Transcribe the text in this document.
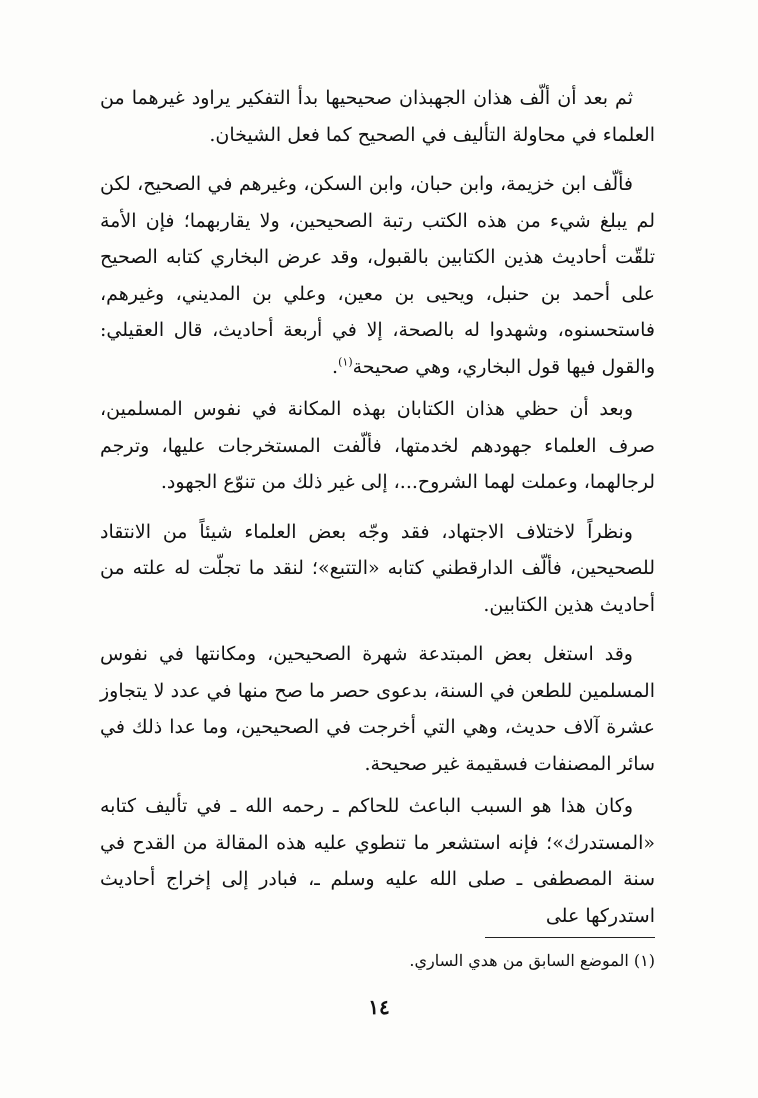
ثم بعد أن ألّف هذان الجهبذان صحيحيها بدأ التفكير يراود غيرهما من العلماء في محاولة التأليف في الصحيح كما فعل الشيخان.

فألّف ابن خزيمة، وابن حبان، وابن السكن، وغيرهم في الصحيح، لكن لم يبلغ شيء من هذه الكتب رتبة الصحيحين، ولا يقاربهما؛ فإن الأمة تلقّت أحاديث هذين الكتابين بالقبول، وقد عرض البخاري كتابه الصحيح على أحمد بن حنبل، ويحيى بن معين، وعلي بن المديني، وغيرهم، فاستحسنوه، وشهدوا له بالصحة، إلا في أربعة أحاديث، قال العقيلي: والقول فيها قول البخاري، وهي صحيحة$^{(١)}$.

وبعد أن حظي هذان الكتابان بهذه المكانة في نفوس المسلمين، صرف العلماء جهودهم لخدمتها، فألّفت المستخرجات عليها، وترجم لرجالهما، وعملت لهما الشروح...، إلى غير ذلك من تنوّع الجهود.

ونظراً لاختلاف الاجتهاد، فقد وجّه بعض العلماء شيئاً من الانتقاد للصحيحين، فألّف الدارقطني كتابه «التتبع»؛ لنقد ما تجلّت له علته من أحاديث هذين الكتابين.

وقد استغل بعض المبتدعة شهرة الصحيحين، ومكانتها في نفوس المسلمين للطعن في السنة، بدعوى حصر ما صح منها في عدد لا يتجاوز عشرة آلاف حديث، وهي التي أخرجت في الصحيحين، وما عدا ذلك في سائر المصنفات فسقيمة غير صحيحة.

وكان هذا هو السبب الباعث للحاكم ـ رحمه الله ـ في تأليف كتابه «المستدرك»؛ فإنه استشعر ما تنطوي عليه هذه المقالة من القدح في سنة المصطفى ـ صلى الله عليه وسلم ـ، فبادر إلى إخراج أحاديث استدركها على

(١) الموضع السابق من هدي الساري.
١٤
